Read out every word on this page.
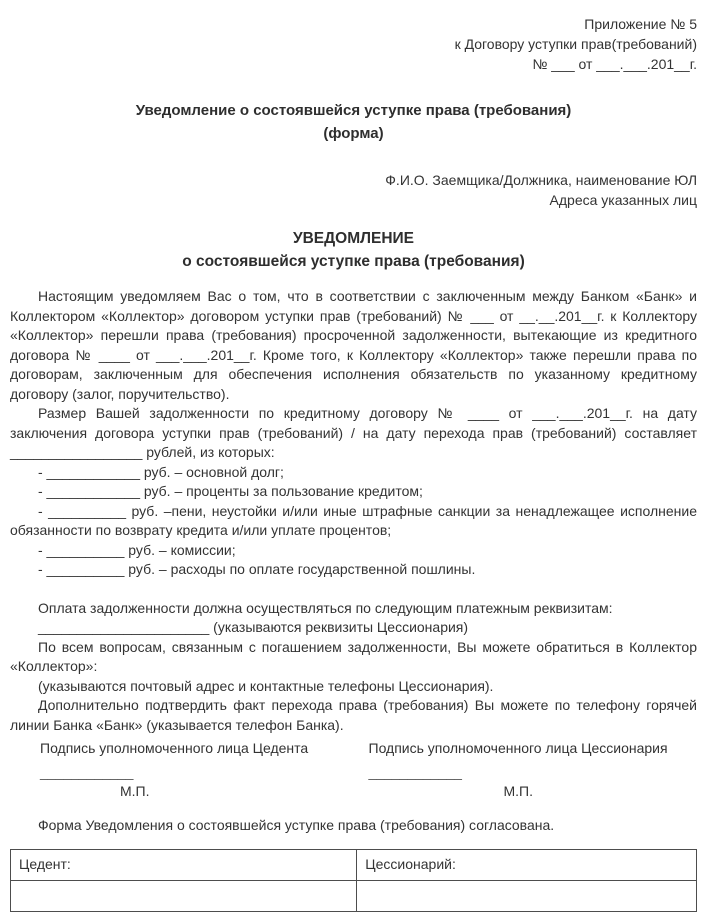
Приложение № 5
к Договору уступки прав(требований)
№ ___ от ___.___.201__г.
Уведомление о состоявшейся уступке права (требования)
(форма)
Ф.И.О. Заемщика/Должника, наименование ЮЛ
Адреса указанных лиц
УВЕДОМЛЕНИЕ
о состоявшейся уступке права (требования)

Настоящим уведомляем Вас о том, что в соответствии с заключенным между Банком «Банк» и Коллектором «Коллектор» договором уступки прав (требований) № ___ от __.__.201__г. к Коллектору «Коллектор» перешли права (требования) просроченной задолженности, вытекающие из кредитного договора № ____ от ___.___.201__г. Кроме того, к Коллектору «Коллектор» также перешли права по договорам, заключенным для обеспечения исполнения обязательств по указанному кредитному договору (залог, поручительство).

Размер Вашей задолженности по кредитному договору № ____ от ___.___.201__г. на дату заключения договора уступки прав (требований) / на дату перехода прав (требований) составляет _________________ рублей, из которых:

- ____________ руб. – основной долг;

- ____________ руб. – проценты за пользование кредитом;

- __________ руб. –пени, неустойки и/или иные штрафные санкции за ненадлежащее исполнение обязанности по возврату кредита и/или уплате процентов;

- __________ руб. – комиссии;

- __________ руб. – расходы по оплате государственной пошлины.

Оплата задолженности должна осуществляться по следующим платежным реквизитам:

______________________ (указываются реквизиты Цессионария)

По всем вопросам, связанным с погашением задолженности, Вы можете обратиться в Коллектор «Коллектор»:

(указываются почтовый адрес и контактные телефоны Цессионария).

Дополнительно подтвердить факт перехода права (требования) Вы можете по телефону горячей линии Банка «Банк» (указывается телефон Банка).

Подпись уполномоченного лица Цедента
____________
М.П.
Подпись уполномоченного лица Цессионария
____________
М.П.

Форма Уведомления о состоявшейся уступке права (требования) согласована.

Цедент:	Цессионарий:
